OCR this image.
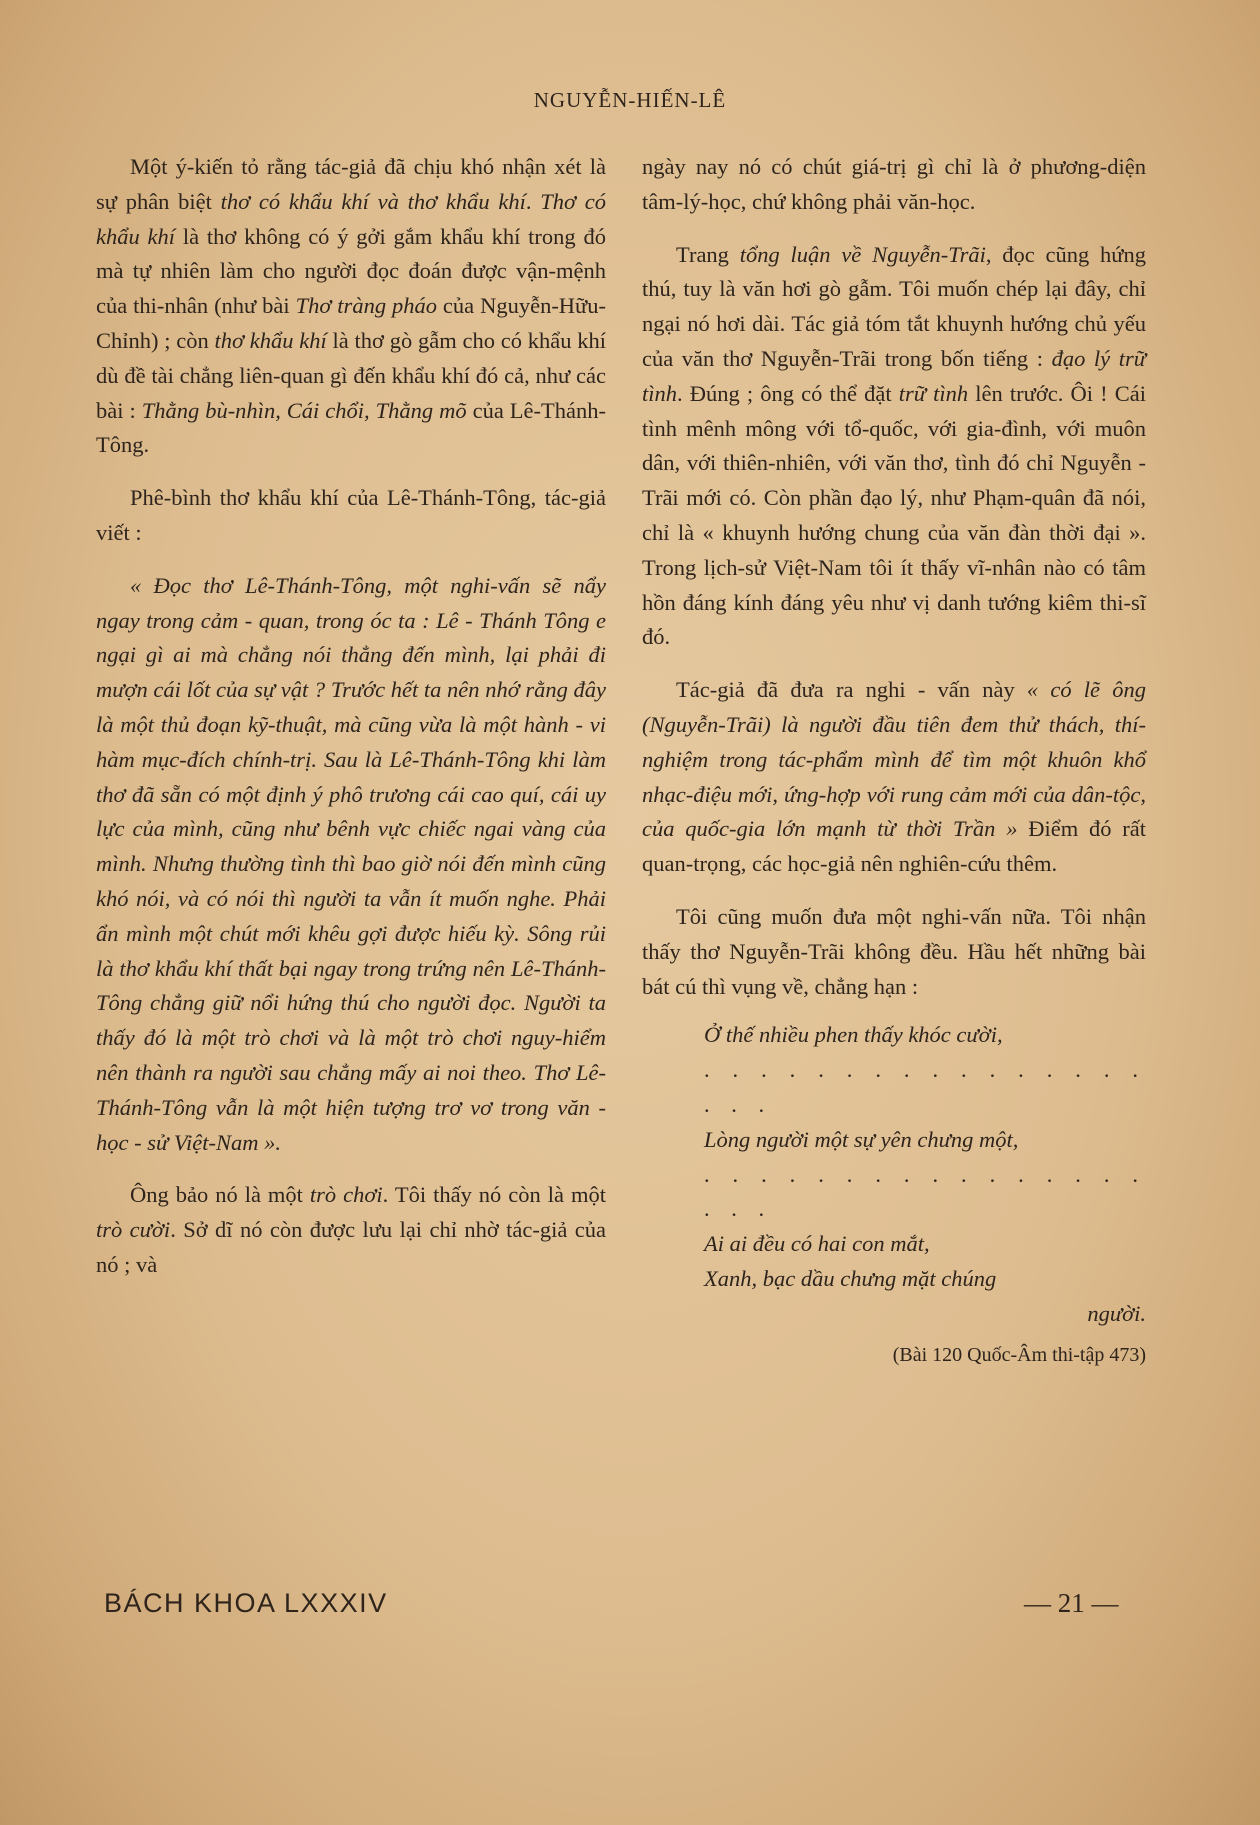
NGUYỄN-HIẾN-LÊ

Một ý-kiến tỏ rằng tác-giả đã chịu khó nhận xét là sự phân biệt thơ có khẩu khí và thơ khẩu khí. Thơ có khẩu khí là thơ không có ý gởi gắm khẩu khí trong đó mà tự nhiên làm cho người đọc đoán được vận-mệnh của thi-nhân (như bài Thơ tràng pháo của Nguyễn-Hữu-Chỉnh) ; còn thơ khẩu khí là thơ gò gẫm cho có khẩu khí dù đề tài chẳng liên-quan gì đến khẩu khí đó cả, như các bài : Thằng bù-nhìn, Cái chổi, Thằng mõ của Lê-Thánh-Tông.

Phê-bình thơ khẩu khí của Lê-Thánh-Tông, tác-giả viết :

« Đọc thơ Lê-Thánh-Tông, một nghi-vấn sẽ nẩy ngay trong cảm - quan, trong óc ta : Lê - Thánh Tông e ngại gì ai mà chẳng nói thẳng đến mình, lại phải đi mượn cái lốt của sự vật ? Trước hết ta nên nhớ rằng đây là một thủ đoạn kỹ-thuật, mà cũng vừa là một hành - vi hàm mục-đích chính-trị. Sau là Lê-Thánh-Tông khi làm thơ đã sẵn có một định ý phô trương cái cao quí, cái uy lực của mình, cũng như bênh vực chiếc ngai vàng của mình. Nhưng thường tình thì bao giờ nói đến mình cũng khó nói, và có nói thì người ta vẫn ít muốn nghe. Phải ẩn mình một chút mới khêu gợi được hiếu kỳ. Sông rủi là thơ khẩu khí thất bại ngay trong trứng nên Lê-Thánh-Tông chẳng giữ nổi hứng thú cho người đọc. Người ta thấy đó là một trò chơi và là một trò chơi nguy-hiểm nên thành ra người sau chẳng mấy ai noi theo. Thơ Lê-Thánh-Tông vẫn là một hiện tượng trơ vơ trong văn - học - sử Việt-Nam ».

Ông bảo nó là một trò chơi. Tôi thấy nó còn là một trò cười. Sở dĩ nó còn được lưu lại chỉ nhờ tác-giả của nó ; và

ngày nay nó có chút giá-trị gì chỉ là ở phương-diện tâm-lý-học, chứ không phải văn-học.

Trang tổng luận về Nguyễn-Trãi, đọc cũng hứng thú, tuy là văn hơi gò gẫm. Tôi muốn chép lại đây, chỉ ngại nó hơi dài. Tác giả tóm tắt khuynh hướng chủ yếu của văn thơ Nguyễn-Trãi trong bốn tiếng : đạo lý trữ tình. Đúng ; ông có thể đặt trữ tình lên trước. Ôi ! Cái tình mênh mông với tổ-quốc, với gia-đình, với muôn dân, với thiên-nhiên, với văn thơ, tình đó chỉ Nguyễn - Trãi mới có. Còn phần đạo lý, như Phạm-quân đã nói, chỉ là « khuynh hướng chung của văn đàn thời đại ». Trong lịch-sử Việt-Nam tôi ít thấy vĩ-nhân nào có tâm hồn đáng kính đáng yêu như vị danh tướng kiêm thi-sĩ đó.

Tác-giả đã đưa ra nghi - vấn này « có lẽ ông (Nguyễn-Trãi) là người đầu tiên đem thử thách, thí-nghiệm trong tác-phẩm mình để tìm một khuôn khổ nhạc-điệu mới, ứng-hợp với rung cảm mới của dân-tộc, của quốc-gia lớn mạnh từ thời Trần » Điểm đó rất quan-trọng, các học-giả nên nghiên-cứu thêm.

Tôi cũng muốn đưa một nghi-vấn nữa. Tôi nhận thấy thơ Nguyễn-Trãi không đều. Hầu hết những bài bát cú thì vụng về, chẳng hạn :

Ở thế nhiều phen thấy khóc cười,
. . . . . . . . . . . . . . . . . . .
Lòng người một sự yên chưng một,
. . . . . . . . . . . . . . . . . . .
Ai ai đều có hai con mắt,
Xanh, bạc dầu chưng mặt chúng
người.

(Bài 120 Quốc-Âm thi-tập 473)

BÁCH KHOA LXXXIV	— 21 —
